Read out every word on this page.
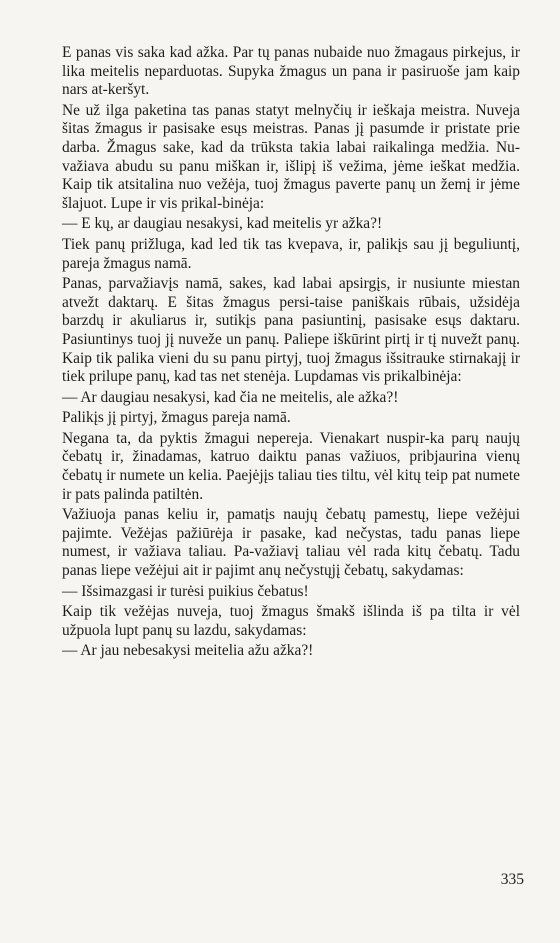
E panas vis saka kad ažka. Par tų panas nubaide nuo žmagaus pirkejus, ir lika meitelis neparduotas. Supyka žmagus un pana ir pasiruoše jam kaip nars at-keršyt.

Ne už ilga paketina tas panas statyt melnyčių ir ieškaja meistra. Nuveja šitas žmagus ir pasisake esųs meistras. Panas jį pasumde ir pristate prie darba. Žmagus sake, kad da trūksta takia labai raikalinga medžia. Nu-važiava abudu su panu miškan ir, išlipį iš vežima, jėme ieškat medžia. Kaip tik atsitalina nuo vežėja, tuoj žmagus paverte panų un žemį ir jėme šlajuot. Lupe ir vis prikal-binėja:

— E kų, ar daugiau nesakysi, kad meitelis yr ažka?!

Tiek panų prižluga, kad led tik tas kvepava, ir, palikįs sau jį beguliuntį, pareja žmagus namā.

Panas, parvažiavįs namā, sakes, kad labai apsirgįs, ir nusiunte miestan atvežt daktarų. E šitas žmagus persi-taise paniškais rūbais, užsidėja barzdų ir akuliarus ir, sutikįs pana pasiuntinį, pasisake esųs daktaru. Pasiuntinys tuoj jį nuveže un panų. Paliepe iškūrint pirtį ir tį nuvežt panų. Kaip tik palika vieni du su panu pirtyj, tuoj žmagus išsitrauke stirnakajį ir tiek prilupe panų, kad tas net stenėja. Lupdamas vis prikalbinėja:

— Ar daugiau nesakysi, kad čia ne meitelis, ale ažka?!

Palikįs jį pirtyj, žmagus pareja namā.

Negana ta, da pyktis žmagui nepereja. Vienakart nuspir-ka parų naujų čebatų ir, žinadamas, katruo daiktu panas važiuos, pribjaurina vienų čebatų ir numete un kelia. Paejėjįs taliau ties tiltu, vėl kitų teip pat numete ir pats palinda patiltėn.

Važiuoja panas keliu ir, pamatįs naujų čebatų pamestų, liepe vežėjui pajimte. Vežėjas pažiūrėja ir pasake, kad nečystas, tadu panas liepe numest, ir važiava taliau. Pa-važiavį taliau vėl rada kitų čebatų. Tadu panas liepe vežėjui ait ir pajimt anų nečystųjį čebatų, sakydamas:

— Išsimazgasi ir turėsi puikius čebatus!

Kaip tik vežėjas nuveja, tuoj žmagus šmakš išlinda iš pa tilta ir vėl užpuola lupt panų su lazdu, sakydamas:

— Ar jau nebesakysi meitelia ažu ažka?!

335
